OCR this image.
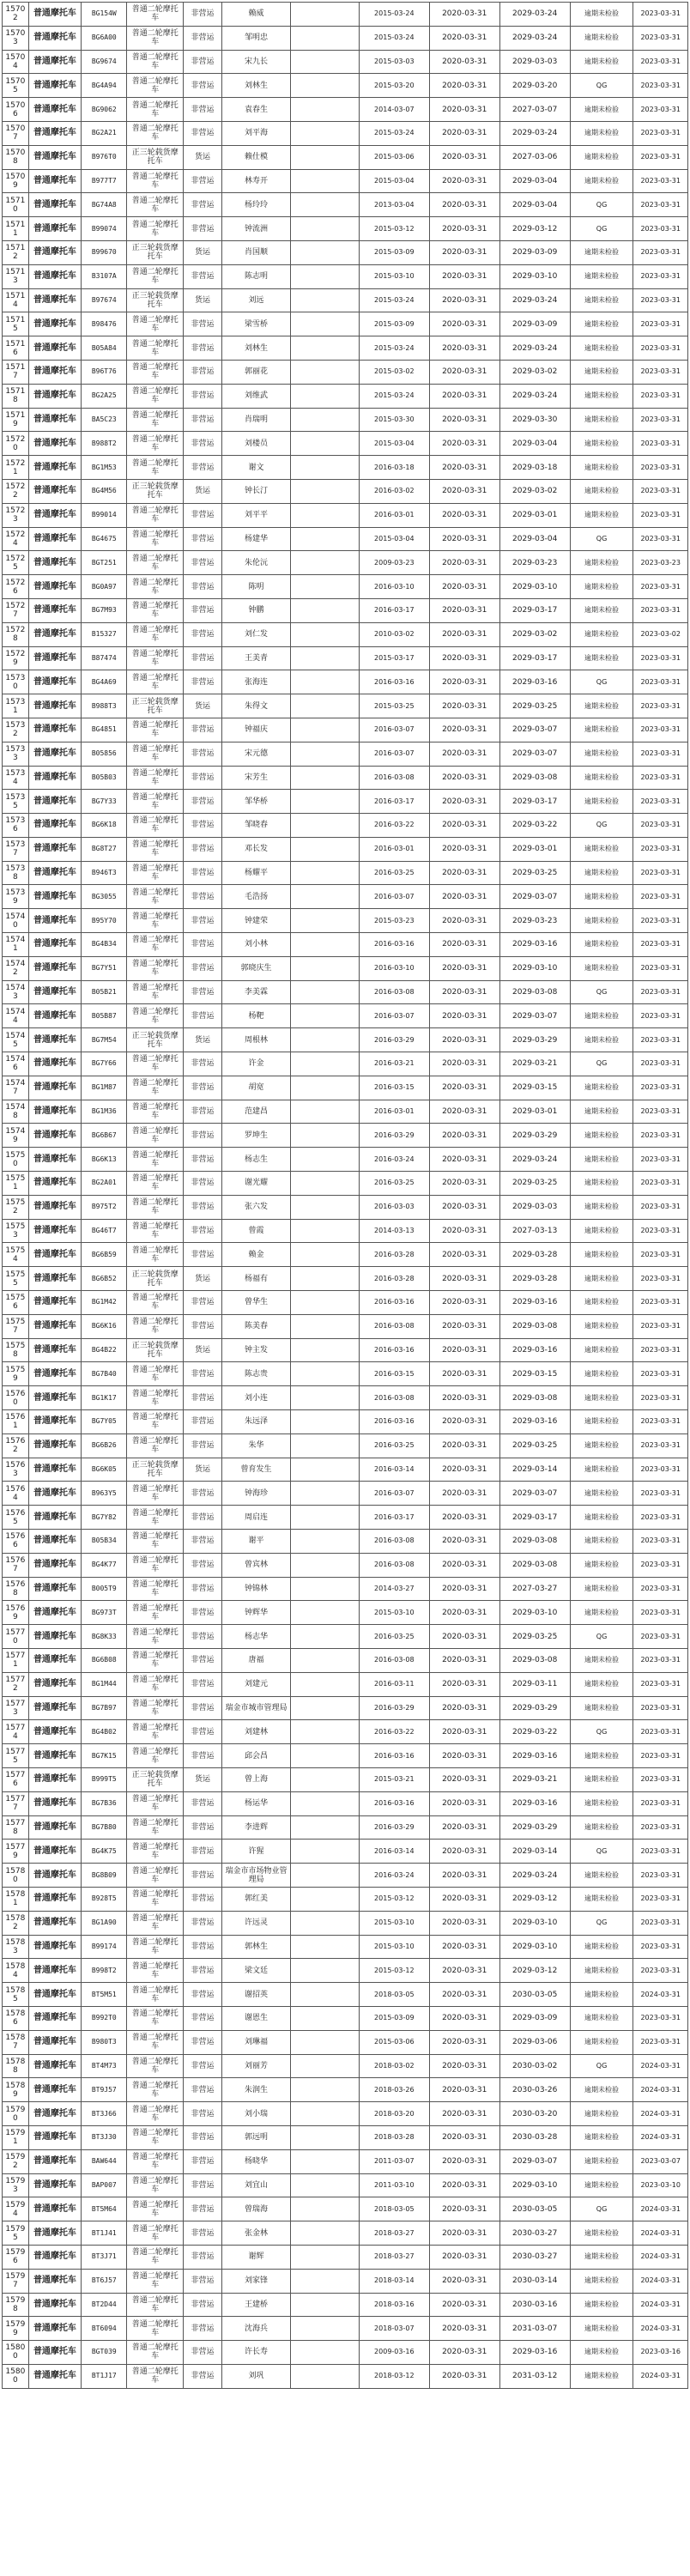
15702	普通摩托车	BG154W	普通二轮摩托车	非营运	赖威		2015-03-24	2020-03-31	2029-03-24	逾期未检验	2023-03-31
15703	普通摩托车	BG6A00	普通二轮摩托车	非营运	邹明忠		2015-03-24	2020-03-31	2029-03-24	逾期未检验	2023-03-31
15704	普通摩托车	BG9674	普通二轮摩托车	非营运	宋九长		2015-03-03	2020-03-31	2029-03-03	逾期未检验	2023-03-31
15705	普通摩托车	BG4A94	普通二轮摩托车	非营运	刘林生		2015-03-20	2020-03-31	2029-03-20	QG	2023-03-31
15706	普通摩托车	BG9062	普通二轮摩托车	非营运	袁春生		2014-03-07	2020-03-31	2027-03-07	逾期未检验	2023-03-31
15707	普通摩托车	BG2A21	普通二轮摩托车	非营运	刘平海		2015-03-24	2020-03-31	2029-03-24	逾期未检验	2023-03-31
15708	普通摩托车	B976T0	正三轮载货摩托车	货运	赖仕模		2015-03-06	2020-03-31	2027-03-06	逾期未检验	2023-03-31
15709	普通摩托车	B977T7	普通二轮摩托车	非营运	林寿开		2015-03-04	2020-03-31	2029-03-04	逾期未检验	2023-03-31
15710	普通摩托车	BG74A8	普通二轮摩托车	非营运	杨玲玲		2013-03-04	2020-03-31	2029-03-04	QG	2023-03-31
15711	普通摩托车	B99074	普通二轮摩托车	非营运	钟流洲		2015-03-12	2020-03-31	2029-03-12	QG	2023-03-31
15712	普通摩托车	B99670	正三轮载货摩托车	货运	肖国顺		2015-03-09	2020-03-31	2029-03-09	逾期未检验	2023-03-31
15713	普通摩托车	B3107A	普通二轮摩托车	非营运	陈志明		2015-03-10	2020-03-31	2029-03-10	逾期未检验	2023-03-31
15714	普通摩托车	B97674	正三轮载货摩托车	货运	刘远		2015-03-24	2020-03-31	2029-03-24	逾期未检验	2023-03-31
15715	普通摩托车	B98476	普通二轮摩托车	非营运	梁雪桥		2015-03-09	2020-03-31	2029-03-09	逾期未检验	2023-03-31
15716	普通摩托车	B05A84	普通二轮摩托车	非营运	刘林生		2015-03-24	2020-03-31	2029-03-24	逾期未检验	2023-03-31
15717	普通摩托车	B96T76	普通二轮摩托车	非营运	郭丽花		2015-03-02	2020-03-31	2029-03-02	逾期未检验	2023-03-31
15718	普通摩托车	BG2A25	普通二轮摩托车	非营运	刘维武		2015-03-24	2020-03-31	2029-03-24	逾期未检验	2023-03-31
15719	普通摩托车	BA5C23	普通二轮摩托车	非营运	肖瑞明		2015-03-30	2020-03-31	2029-03-30	逾期未检验	2023-03-31
15720	普通摩托车	B988T2	普通二轮摩托车	非营运	刘楼员		2015-03-04	2020-03-31	2029-03-04	逾期未检验	2023-03-31
15721	普通摩托车	BG1M53	普通二轮摩托车	非营运	谢文		2016-03-18	2020-03-31	2029-03-18	逾期未检验	2023-03-31
15722	普通摩托车	BG4M56	正三轮载货摩托车	货运	钟长汀		2016-03-02	2020-03-31	2029-03-02	逾期未检验	2023-03-31
15723	普通摩托车	B99014	普通二轮摩托车	非营运	刘平平		2016-03-01	2020-03-31	2029-03-01	逾期未检验	2023-03-31
15724	普通摩托车	BG4675	普通二轮摩托车	非营运	杨建华		2015-03-04	2020-03-31	2029-03-04	QG	2023-03-31
15725	普通摩托车	BGT251	普通二轮摩托车	非营运	朱伦沅		2009-03-23	2020-03-31	2029-03-23	逾期未检验	2023-03-23
15726	普通摩托车	BG0A97	普通二轮摩托车	非营运	陈明		2016-03-10	2020-03-31	2029-03-10	逾期未检验	2023-03-31
15727	普通摩托车	BG7M93	普通二轮摩托车	非营运	钟鹏		2016-03-17	2020-03-31	2029-03-17	逾期未检验	2023-03-31
15728	普通摩托车	B15327	普通二轮摩托车	非营运	刘仁发		2010-03-02	2020-03-31	2029-03-02	逾期未检验	2023-03-02
15729	普通摩托车	B87474	普通二轮摩托车	非营运	王美青		2015-03-17	2020-03-31	2029-03-17	逾期未检验	2023-03-31
15730	普通摩托车	BG4A69	普通二轮摩托车	非营运	张海连		2016-03-16	2020-03-31	2029-03-16	QG	2023-03-31
15731	普通摩托车	B988T3	正三轮载货摩托车	货运	朱得文		2015-03-25	2020-03-31	2029-03-25	逾期未检验	2023-03-31
15732	普通摩托车	BG4851	普通二轮摩托车	非营运	钟福庆		2016-03-07	2020-03-31	2029-03-07	逾期未检验	2023-03-31
15733	普通摩托车	B05856	普通二轮摩托车	非营运	宋元德		2016-03-07	2020-03-31	2029-03-07	逾期未检验	2023-03-31
15734	普通摩托车	B05B03	普通二轮摩托车	非营运	宋芳生		2016-03-08	2020-03-31	2029-03-08	逾期未检验	2023-03-31
15735	普通摩托车	BG7Y33	普通二轮摩托车	非营运	邹华桥		2016-03-17	2020-03-31	2029-03-17	逾期未检验	2023-03-31
15736	普通摩托车	BG6K18	普通二轮摩托车	非营运	邹晓春		2016-03-22	2020-03-31	2029-03-22	QG	2023-03-31
15737	普通摩托车	BG8T27	普通二轮摩托车	非营运	邓长发		2016-03-01	2020-03-31	2029-03-01	逾期未检验	2023-03-31
15738	普通摩托车	B946T3	普通二轮摩托车	非营运	杨耀平		2016-03-25	2020-03-31	2029-03-25	逾期未检验	2023-03-31
15739	普通摩托车	BG3055	普通二轮摩托车	非营运	毛浩扬		2016-03-07	2020-03-31	2029-03-07	逾期未检验	2023-03-31
15740	普通摩托车	B95Y70	普通二轮摩托车	非营运	钟建荣		2015-03-23	2020-03-31	2029-03-23	逾期未检验	2023-03-31
15741	普通摩托车	BG4B34	普通二轮摩托车	非营运	刘小林		2016-03-16	2020-03-31	2029-03-16	逾期未检验	2023-03-31
15742	普通摩托车	BG7Y51	普通二轮摩托车	非营运	郭晓庆生		2016-03-10	2020-03-31	2029-03-10	逾期未检验	2023-03-31
15743	普通摩托车	B05B21	普通二轮摩托车	非营运	李美霖		2016-03-08	2020-03-31	2029-03-08	QG	2023-03-31
15744	普通摩托车	B05B87	普通二轮摩托车	非营运	杨靶		2016-03-07	2020-03-31	2029-03-07	逾期未检验	2023-03-31
15745	普通摩托车	BG7M54	正三轮载货摩托车	货运	周根林		2016-03-29	2020-03-31	2029-03-29	逾期未检验	2023-03-31
15746	普通摩托车	BG7Y66	普通二轮摩托车	非营运	许金		2016-03-21	2020-03-31	2029-03-21	QG	2023-03-31
15747	普通摩托车	BG1M87	普通二轮摩托车	非营运	胡宽		2016-03-15	2020-03-31	2029-03-15	逾期未检验	2023-03-31
15748	普通摩托车	BG1M36	普通二轮摩托车	非营运	范建昌		2016-03-01	2020-03-31	2029-03-01	逾期未检验	2023-03-31
15749	普通摩托车	BG6B67	普通二轮摩托车	非营运	罗坤生		2016-03-29	2020-03-31	2029-03-29	逾期未检验	2023-03-31
15750	普通摩托车	BG6K13	普通二轮摩托车	非营运	杨志生		2016-03-24	2020-03-31	2029-03-24	逾期未检验	2023-03-31
15751	普通摩托车	BG2A01	普通二轮摩托车	非营运	谢光耀		2016-03-25	2020-03-31	2029-03-25	逾期未检验	2023-03-31
15752	普通摩托车	B975T2	普通二轮摩托车	非营运	张六发		2016-03-03	2020-03-31	2029-03-03	逾期未检验	2023-03-31
15753	普通摩托车	BG46T7	普通二轮摩托车	非营运	曾霞		2014-03-13	2020-03-31	2027-03-13	逾期未检验	2023-03-31
15754	普通摩托车	BG6B59	普通二轮摩托车	非营运	赖金		2016-03-28	2020-03-31	2029-03-28	逾期未检验	2023-03-31
15755	普通摩托车	BG6B52	正三轮载货摩托车	货运	杨福有		2016-03-28	2020-03-31	2029-03-28	逾期未检验	2023-03-31
15756	普通摩托车	BG1M42	普通二轮摩托车	非营运	曾华生		2016-03-16	2020-03-31	2029-03-16	逾期未检验	2023-03-31
15757	普通摩托车	BG6K16	普通二轮摩托车	非营运	陈美春		2016-03-08	2020-03-31	2029-03-08	逾期未检验	2023-03-31
15758	普通摩托车	BG4B22	正三轮载货摩托车	货运	钟主发		2016-03-16	2020-03-31	2029-03-16	逾期未检验	2023-03-31
15759	普通摩托车	BG7B40	普通二轮摩托车	非营运	陈志贵		2016-03-15	2020-03-31	2029-03-15	逾期未检验	2023-03-31
15760	普通摩托车	BG1K17	普通二轮摩托车	非营运	刘小连		2016-03-08	2020-03-31	2029-03-08	逾期未检验	2023-03-31
15761	普通摩托车	BG7Y05	普通二轮摩托车	非营运	朱远泽		2016-03-16	2020-03-31	2029-03-16	逾期未检验	2023-03-31
15762	普通摩托车	BG6B26	普通二轮摩托车	非营运	朱华		2016-03-25	2020-03-31	2029-03-25	逾期未检验	2023-03-31
15763	普通摩托车	BG6K05	正三轮载货摩托车	货运	曾育发生		2016-03-14	2020-03-31	2029-03-14	逾期未检验	2023-03-31
15764	普通摩托车	B963Y5	普通二轮摩托车	非营运	钟海珍		2016-03-07	2020-03-31	2029-03-07	逾期未检验	2023-03-31
15765	普通摩托车	BG7Y82	普通二轮摩托车	非营运	周启连		2016-03-17	2020-03-31	2029-03-17	逾期未检验	2023-03-31
15766	普通摩托车	B05B34	普通二轮摩托车	非营运	谢平		2016-03-08	2020-03-31	2029-03-08	逾期未检验	2023-03-31
15767	普通摩托车	BG4K77	普通二轮摩托车	非营运	曾宾林		2016-03-08	2020-03-31	2029-03-08	逾期未检验	2023-03-31
15768	普通摩托车	B005T9	普通二轮摩托车	非营运	钟锦林		2014-03-27	2020-03-31	2027-03-27	逾期未检验	2023-03-31
15769	普通摩托车	BG973T	普通二轮摩托车	非营运	钟辉华		2015-03-10	2020-03-31	2029-03-10	逾期未检验	2023-03-31
15770	普通摩托车	BG8K33	普通二轮摩托车	非营运	杨志华		2016-03-25	2020-03-31	2029-03-25	QG	2023-03-31
15771	普通摩托车	BG6B08	普通二轮摩托车	非营运	唐福		2016-03-08	2020-03-31	2029-03-08	逾期未检验	2023-03-31
15772	普通摩托车	BG1M44	普通二轮摩托车	非营运	刘建元		2016-03-11	2020-03-31	2029-03-11	逾期未检验	2023-03-31
15773	普通摩托车	BG7B97	普通二轮摩托车	非营运	瑞金市城市管理局		2016-03-29	2020-03-31	2029-03-29	逾期未检验	2023-03-31
15774	普通摩托车	BG4B02	普通二轮摩托车	非营运	刘建林		2016-03-22	2020-03-31	2029-03-22	QG	2023-03-31
15775	普通摩托车	BG7K15	普通二轮摩托车	非营运	邱会昌		2016-03-16	2020-03-31	2029-03-16	逾期未检验	2023-03-31
15776	普通摩托车	B999T5	正三轮载货摩托车	货运	曾上海		2015-03-21	2020-03-31	2029-03-21	逾期未检验	2023-03-31
15777	普通摩托车	BG7B36	普通二轮摩托车	非营运	杨运华		2016-03-16	2020-03-31	2029-03-16	逾期未检验	2023-03-31
15778	普通摩托车	BG7B80	普通二轮摩托车	非营运	李进辉		2016-03-29	2020-03-31	2029-03-29	逾期未检验	2023-03-31
15779	普通摩托车	BG4K75	普通二轮摩托车	非营运	许猩		2016-03-14	2020-03-31	2029-03-14	QG	2023-03-31
15780	普通摩托车	BG8B09	普通二轮摩托车	非营运	瑞金市市场物业管理局		2016-03-24	2020-03-31	2029-03-24	逾期未检验	2023-03-31
15781	普通摩托车	B928T5	普通二轮摩托车	非营运	郭红美		2015-03-12	2020-03-31	2029-03-12	逾期未检验	2023-03-31
15782	普通摩托车	BG1A90	普通二轮摩托车	非营运	许远灵		2015-03-10	2020-03-31	2029-03-10	QG	2023-03-31
15783	普通摩托车	B99174	普通二轮摩托车	非营运	郭林生		2015-03-10	2020-03-31	2029-03-10	逾期未检验	2023-03-31
15784	普通摩托车	B998T2	普通二轮摩托车	非营运	梁文廷		2015-03-12	2020-03-31	2029-03-12	逾期未检验	2023-03-31
15785	普通摩托车	BT5M51	普通二轮摩托车	非营运	谢招英		2018-03-05	2020-03-31	2030-03-05	逾期未检验	2024-03-31
15786	普通摩托车	B992T0	普通二轮摩托车	非营运	谢恩生		2015-03-09	2020-03-31	2029-03-09	逾期未检验	2023-03-31
15787	普通摩托车	B980T3	普通二轮摩托车	非营运	刘琳福		2015-03-06	2020-03-31	2029-03-06	逾期未检验	2023-03-31
15788	普通摩托车	BT4M73	普通二轮摩托车	非营运	刘丽芳		2018-03-02	2020-03-31	2030-03-02	QG	2024-03-31
15789	普通摩托车	BT9J57	普通二轮摩托车	非营运	朱润生		2018-03-26	2020-03-31	2030-03-26	逾期未检验	2024-03-31
15790	普通摩托车	BT3J66	普通二轮摩托车	非营运	刘小瑞		2018-03-20	2020-03-31	2030-03-20	逾期未检验	2024-03-31
15791	普通摩托车	BT3J30	普通二轮摩托车	非营运	郭远明		2018-03-28	2020-03-31	2030-03-28	逾期未检验	2024-03-31
15792	普通摩托车	BAW644	普通二轮摩托车	非营运	杨晓华		2011-03-07	2020-03-31	2029-03-07	逾期未检验	2023-03-07
15793	普通摩托车	BAP007	普通二轮摩托车	非营运	刘宜山		2011-03-10	2020-03-31	2029-03-10	逾期未检验	2023-03-10
15794	普通摩托车	BT5M64	普通二轮摩托车	非营运	曾瑞海		2018-03-05	2020-03-31	2030-03-05	QG	2024-03-31
15795	普通摩托车	BT1J41	普通二轮摩托车	非营运	张金林		2018-03-27	2020-03-31	2030-03-27	逾期未检验	2024-03-31
15796	普通摩托车	BT3J71	普通二轮摩托车	非营运	谢辉		2018-03-27	2020-03-31	2030-03-27	逾期未检验	2024-03-31
15797	普通摩托车	BT6J57	普通二轮摩托车	非营运	刘家锋		2018-03-14	2020-03-31	2030-03-14	逾期未检验	2024-03-31
15798	普通摩托车	BT2D44	普通二轮摩托车	非营运	王建桥		2018-03-16	2020-03-31	2030-03-16	逾期未检验	2024-03-31
15799	普通摩托车	BT6094	普通二轮摩托车	非营运	沈海兵		2018-03-07	2020-03-31	2031-03-07	逾期未检验	2024-03-31
15800	普通摩托车	BGT039	普通二轮摩托车	非营运	许长寿		2009-03-16	2020-03-31	2029-03-16	逾期未检验	2023-03-16
15800	普通摩托车	BT1J17	普通二轮摩托车	非营运	刘巩		2018-03-12	2020-03-31	2031-03-12	逾期未检验	2024-03-31
